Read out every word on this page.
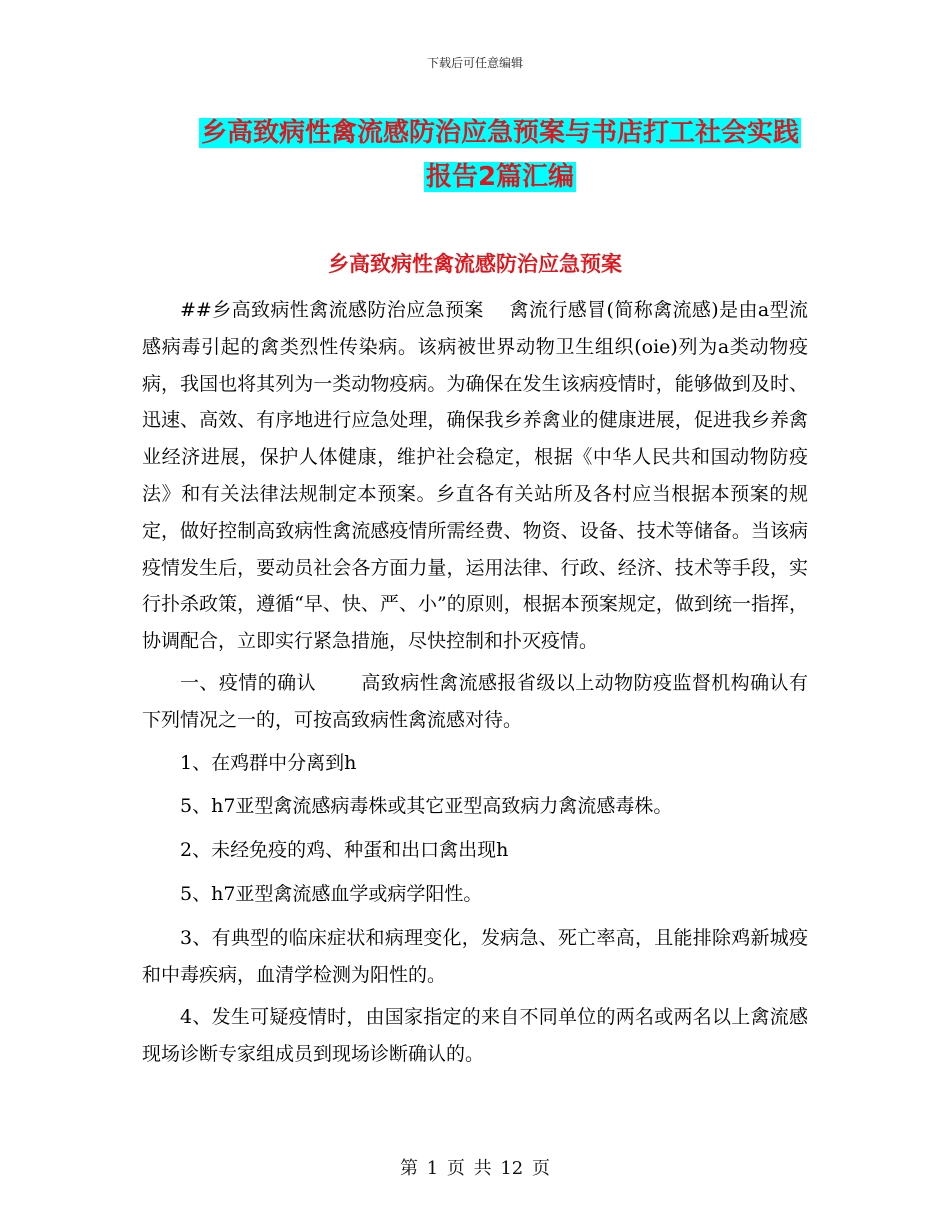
下载后可任意编辑
乡高致病性禽流感防治应急预案与书店打工社会实践
报告2篇汇编
乡高致病性禽流感防治应急预案

##乡高致病性禽流感防治应急预案　 禽流行感冒(简称禽流感)是由a型流感病毒引起的禽类烈性传染病。该病被世界动物卫生组织(oie)列为a类动物疫病，我国也将其列为一类动物疫病。为确保在发生该病疫情时，能够做到及时、迅速、高效、有序地进行应急处理，确保我乡养禽业的健康进展，促进我乡养禽业经济进展，保护人体健康，维护社会稳定，根据《中华人民共和国动物防疫法》和有关法律法规制定本预案。乡直各有关站所及各村应当根据本预案的规定，做好控制高致病性禽流感疫情所需经费、物资、设备、技术等储备。当该病疫情发生后，要动员社会各方面力量，运用法律、行政、经济、技术等手段，实行扑杀政策，遵循“早、快、严、小”的原则，根据本预案规定，做到统一指挥，协调配合，立即实行紧急措施，尽快控制和扑灭疫情。

一、疫情的确认　　 高致病性禽流感报省级以上动物防疫监督机构确认有下列情况之一的，可按高致病性禽流感对待。

1、在鸡群中分离到h

5、h7亚型禽流感病毒株或其它亚型高致病力禽流感毒株。

2、未经免疫的鸡、种蛋和出口禽出现h

5、h7亚型禽流感血学或病学阳性。

3、有典型的临床症状和病理变化，发病急、死亡率高，且能排除鸡新城疫和中毒疾病，血清学检测为阳性的。

4、发生可疑疫情时，由国家指定的来自不同单位的两名或两名以上禽流感现场诊断专家组成员到现场诊断确认的。

第 1 页 共 12 页
